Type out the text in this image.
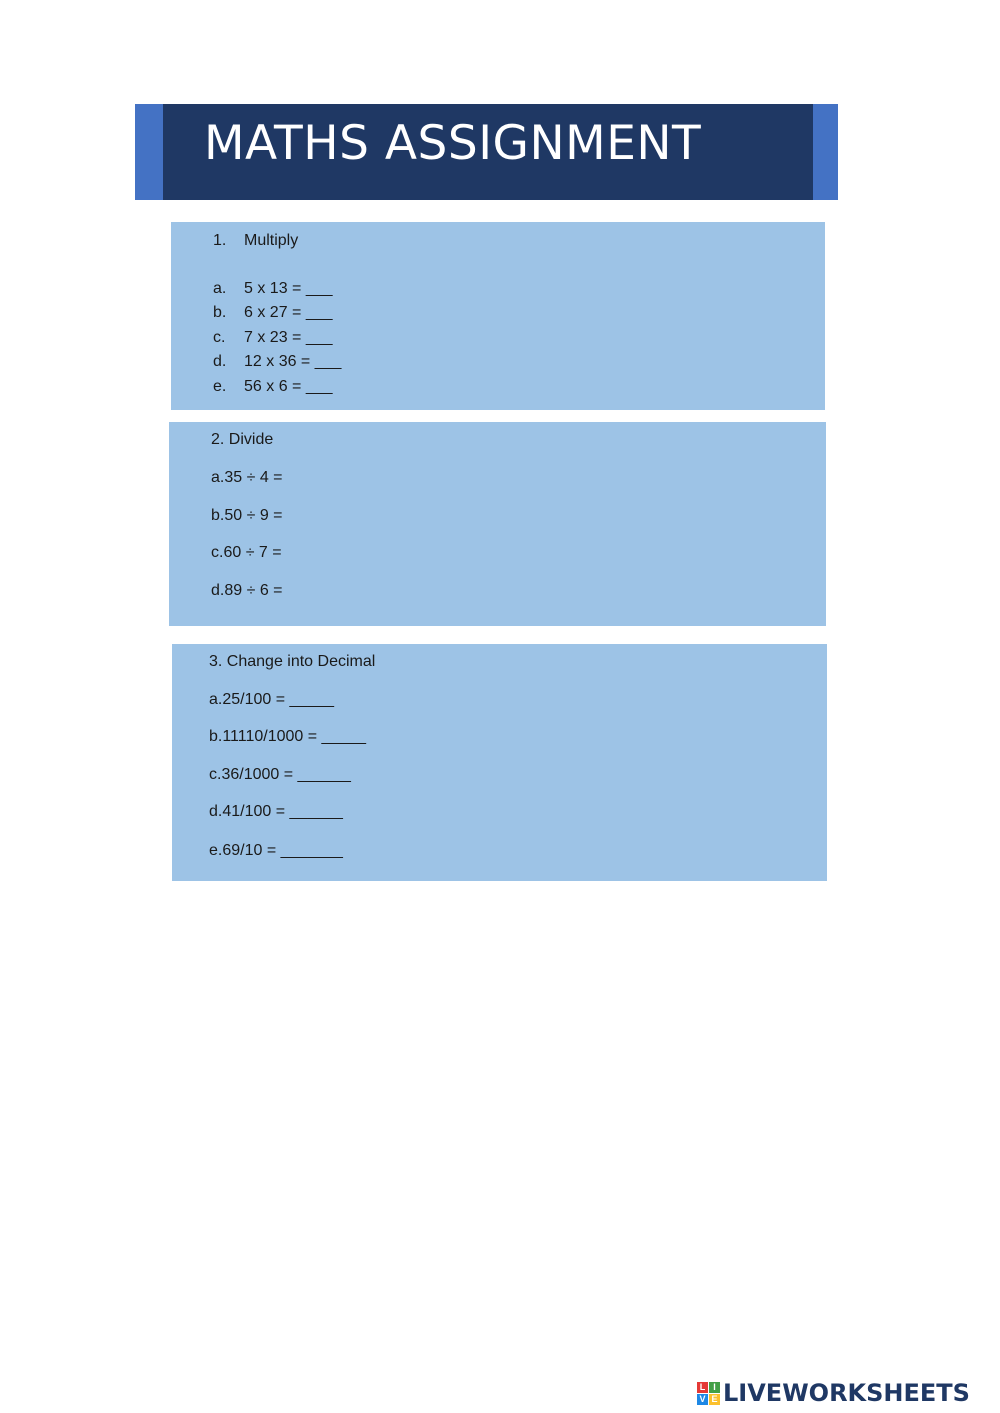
MATHS ASSIGNMENT
1. Multiply
a. 5 x 13 = ___
b. 6 x 27 = ___
c. 7 x 23 = ___
d. 12 x 36 = ___
e. 56 x 6 = ___
2. Divide
a.35 ÷ 4 =
b.50 ÷ 9 =
c.60 ÷ 7 =
d.89 ÷ 6 =
3. Change into Decimal
a.25/100 = _____
b.11110/1000 = _____
c.36/1000 = ______
d.41/100 = ______
e.69/10 = _______
L I
V E LIVEWORKSHEETS
